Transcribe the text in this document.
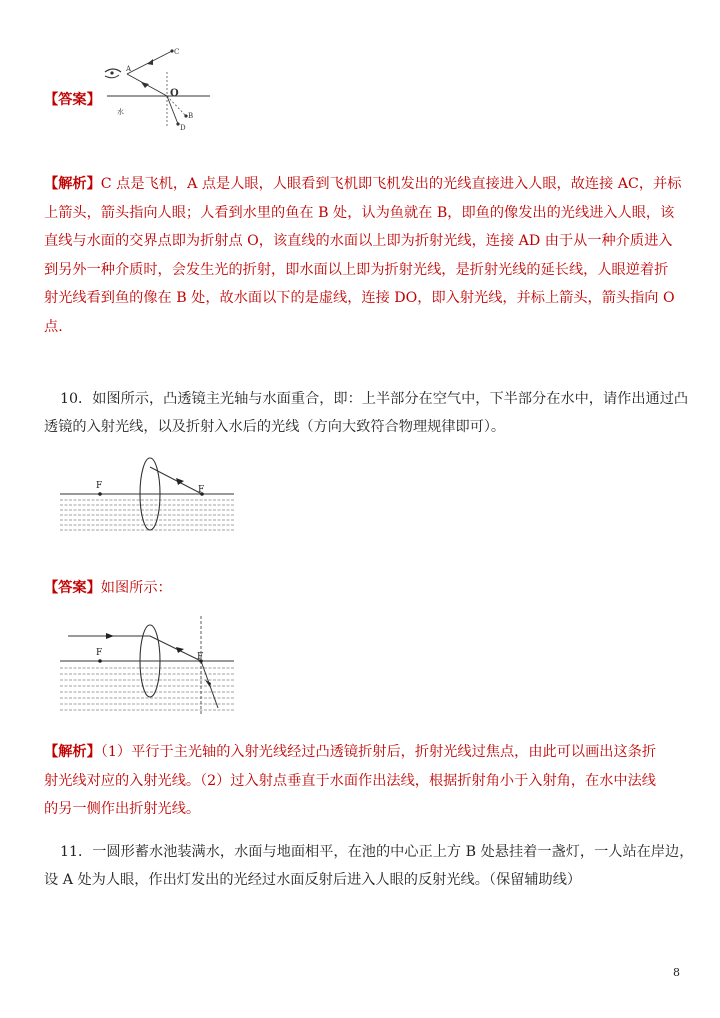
【答案】
C
A
O
B
D
水
【解析】C 点是飞机，A 点是人眼，人眼看到飞机即飞机发出的光线直接进入人眼，故连接 AC，并标
上箭头，箭头指向人眼；人看到水里的鱼在 B 处，认为鱼就在 B，即鱼的像发出的光线进入人眼，该
直线与水面的交界点即为折射点 O，该直线的水面以上即为折射光线，连接 AD 由于从一种介质进入
到另外一种介质时，会发生光的折射，即水面以上即为折射光线，是折射光线的延长线，人眼逆着折
射光线看到鱼的像在 B 处，故水面以下的是虚线，连接 DO，即入射光线，并标上箭头，箭头指向 O
点.
10．如图所示，凸透镜主光轴与水面重合，即：上半部分在空气中，下半部分在水中，请作出通过凸
透镜的入射光线，以及折射入水后的光线（方向大致符合物理规律即可）。
F	F
【答案】如图所示：
F	F
【解析】（1）平行于主光轴的入射光线经过凸透镜折射后，折射光线过焦点，由此可以画出这条折
射光线对应的入射光线。（2）过入射点垂直于水面作出法线，根据折射角小于入射角，在水中法线
的另一侧作出折射光线。
11．一圆形蓄水池装满水，水面与地面相平，在池的中心正上方 B 处悬挂着一盏灯，一人站在岸边，
设 A 处为人眼，作出灯发出的光经过水面反射后进入人眼的反射光线。（保留辅助线）
8
